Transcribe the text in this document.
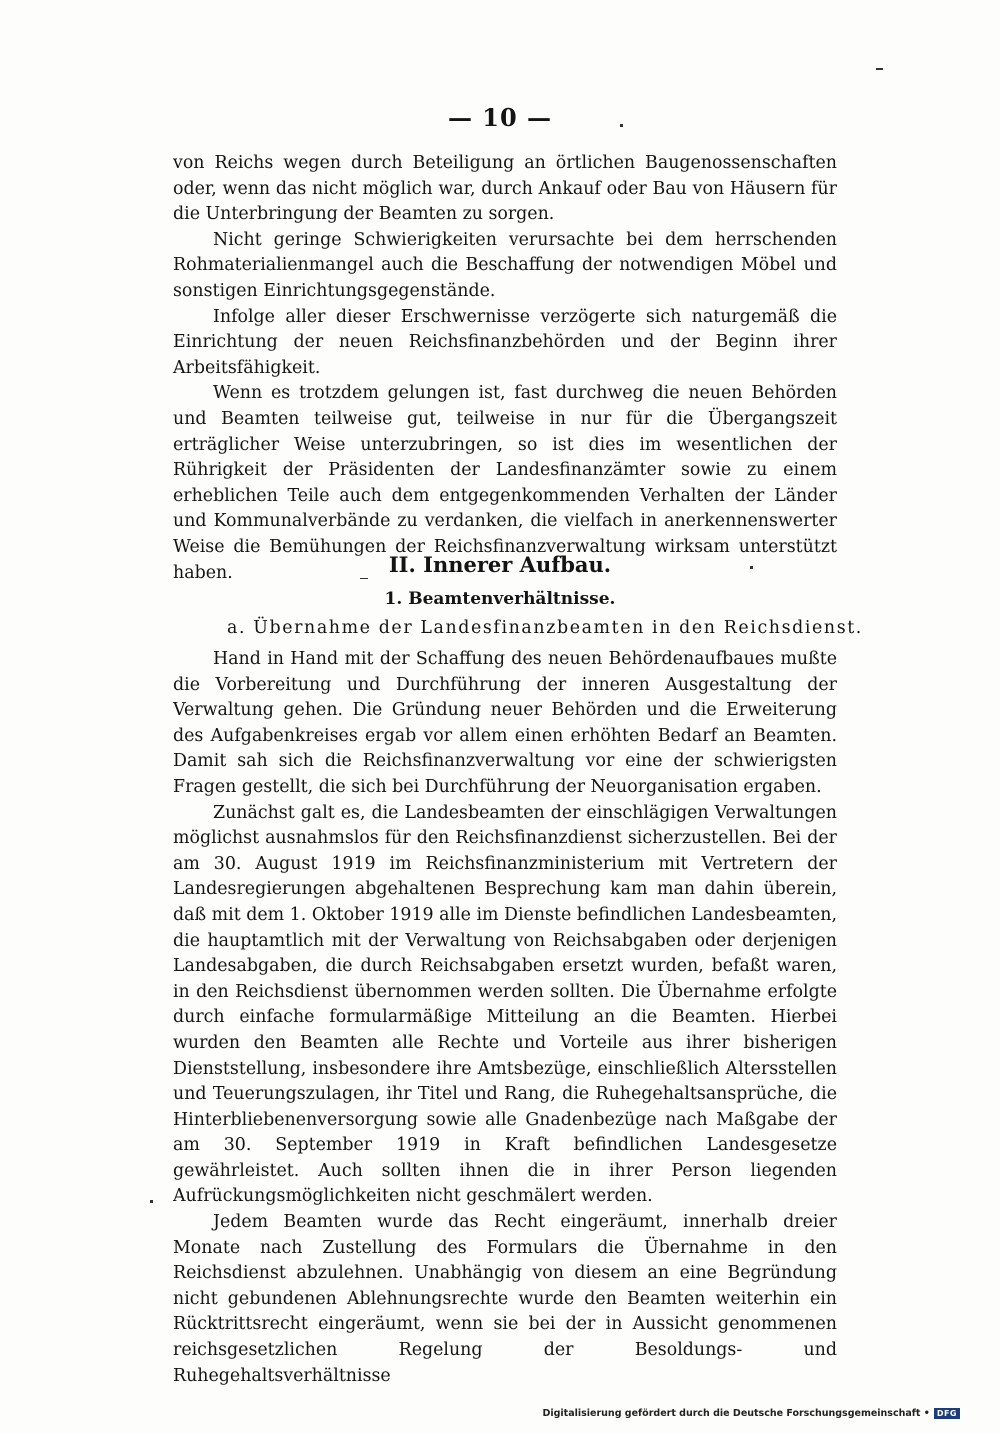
— 10 —

von Reichs wegen durch Beteiligung an örtlichen Baugenossenschaften oder, wenn das nicht möglich war, durch Ankauf oder Bau von Häusern für die Unterbringung der Beamten zu sorgen.

Nicht geringe Schwierigkeiten verursachte bei dem herrschenden Rohmaterialienmangel auch die Beschaffung der notwendigen Möbel und sonstigen Einrichtungsgegenstände.

Infolge aller dieser Erschwernisse verzögerte sich naturgemäß die Einrichtung der neuen Reichsfinanzbehörden und der Beginn ihrer Arbeitsfähigkeit.

Wenn es trotzdem gelungen ist, fast durchweg die neuen Behörden und Beamten teilweise gut, teilweise in nur für die Übergangszeit erträglicher Weise unterzubringen, so ist dies im wesentlichen der Rührigkeit der Präsidenten der Landesfinanzämter sowie zu einem erheblichen Teile auch dem entgegenkommenden Verhalten der Länder und Kommunalverbände zu verdanken, die vielfach in anerkennenswerter Weise die Bemühungen der Reichsfinanzverwaltung wirksam unterstützt haben.	II. Innerer Aufbau.
1. Beamtenverhältnisse.
a. Übernahme der Landesfinanzbeamten in den Reichsdienst.

Hand in Hand mit der Schaffung des neuen Behördenaufbaues mußte die Vorbereitung und Durchführung der inneren Ausgestaltung der Verwaltung gehen. Die Gründung neuer Behörden und die Erweiterung des Aufgabenkreises ergab vor allem einen erhöhten Bedarf an Beamten. Damit sah sich die Reichsfinanzverwaltung vor eine der schwierigsten Fragen gestellt, die sich bei Durchführung der Neuorganisation ergaben.

Zunächst galt es, die Landesbeamten der einschlägigen Verwaltungen möglichst ausnahmslos für den Reichsfinanzdienst sicherzustellen. Bei der am 30. August 1919 im Reichsfinanzministerium mit Vertretern der Landesregierungen abgehaltenen Besprechung kam man dahin überein, daß mit dem 1. Oktober 1919 alle im Dienste befindlichen Landesbeamten, die hauptamtlich mit der Verwaltung von Reichsabgaben oder derjenigen Landesabgaben, die durch Reichsabgaben ersetzt wurden, befaßt waren, in den Reichsdienst übernommen werden sollten. Die Übernahme erfolgte durch einfache formularmäßige Mitteilung an die Beamten. Hierbei wurden den Beamten alle Rechte und Vorteile aus ihrer bisherigen Dienststellung, insbesondere ihre Amtsbezüge, einschließlich Altersstellen und Teuerungszulagen, ihr Titel und Rang, die Ruhegehaltsansprüche, die Hinterbliebenenversorgung sowie alle Gnadenbezüge nach Maßgabe der am 30. September 1919 in Kraft befindlichen Landesgesetze gewährleistet. Auch sollten ihnen die in ihrer Person liegenden Aufrückungsmöglichkeiten nicht geschmälert werden.

Jedem Beamten wurde das Recht eingeräumt, innerhalb dreier Monate nach Zustellung des Formulars die Übernahme in den Reichsdienst abzulehnen. Unabhängig von diesem an eine Begründung nicht gebundenen Ablehnungsrechte wurde den Beamten weiterhin ein Rücktrittsrecht eingeräumt, wenn sie bei der in Aussicht genommenen reichsgesetzlichen Regelung der Besoldungs- und Ruhegehaltsverhältnisse

Digitalisierung gefördert durch die Deutsche Forschungsgemeinschaft • DFG
